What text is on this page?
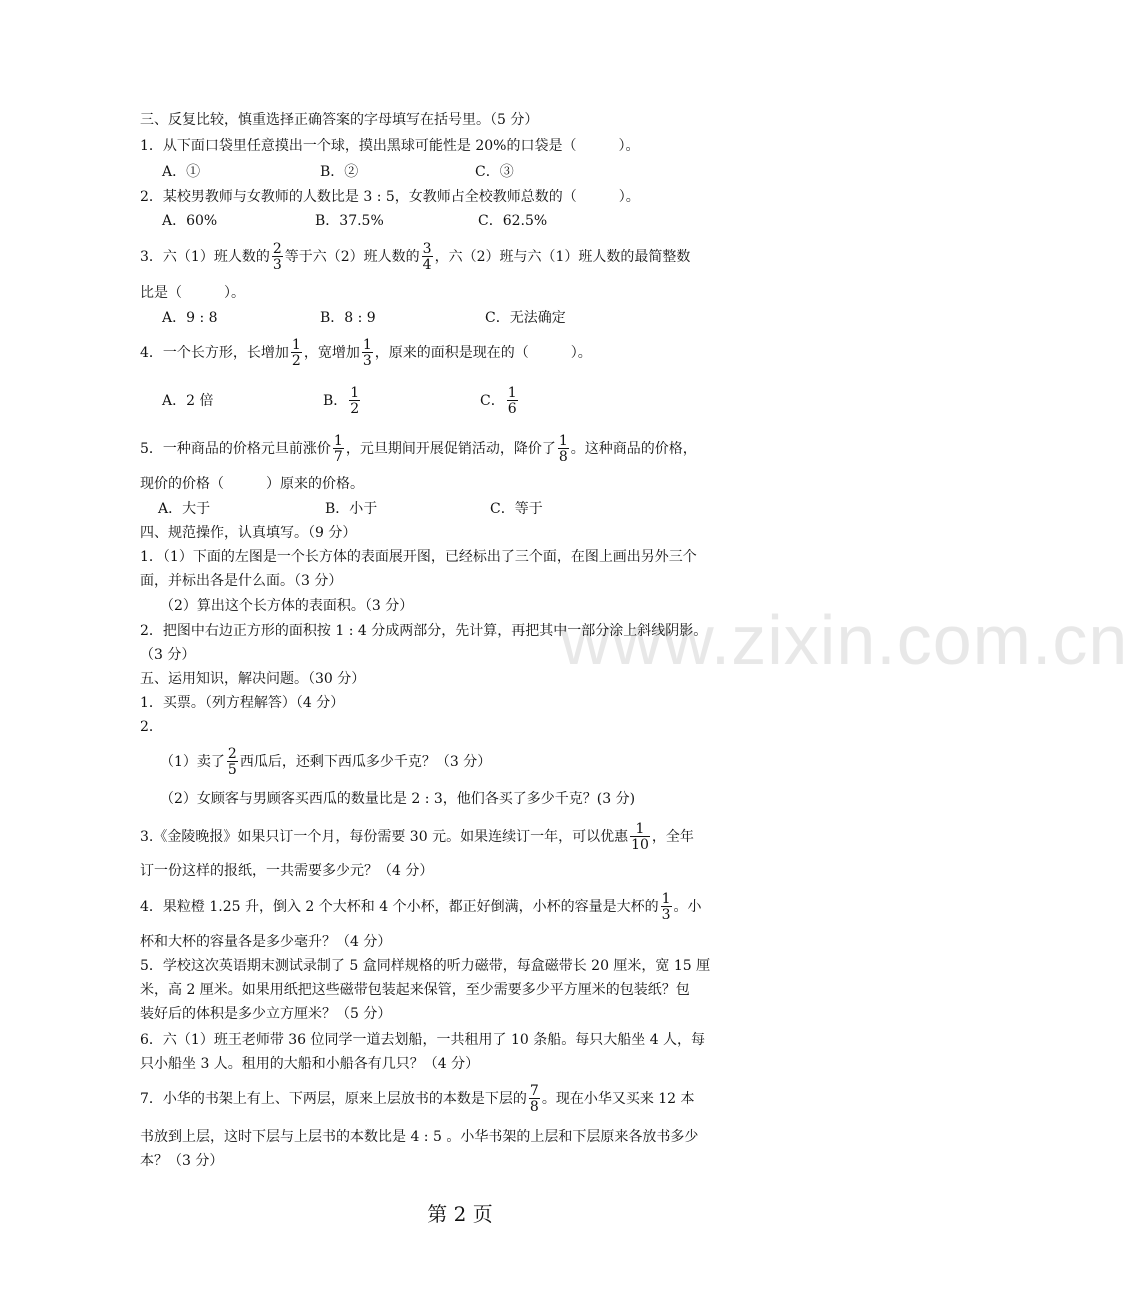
www.zixin.com.cn
三、反复比较，慎重选择正确答案的字母填写在括号里。（5 分）
1．从下面口袋里任意摸出一个球，摸出黑球可能性是 20%的口袋是（　　　）。
A．①	B．②	C．③
2．某校男教师与女教师的人数比是 3 : 5，女教师占全校教师总数的（　　　）。
A．60%	B．37.5%	C．62.5%
3．六（1）班人数的 $\frac{2}{3}$ 等于六（2）班人数的 $\frac{3}{4}$ ，六（2）班与六（1）班人数的最简整数
比是（　　　）。
A．9 : 8	B．8 : 9	C．无法确定
4．一个长方形，长增加 $\frac{1}{2}$ ，宽增加 $\frac{1}{3}$ ，原来的面积是现在的（　　　）。
A．2 倍	B． $\frac{1}{2}$	C． $\frac{1}{6}$
5．一种商品的价格元旦前涨价 $\frac{1}{7}$ ，元旦期间开展促销活动，降价了 $\frac{1}{8}$ 。这种商品的价格，
现价的价格（　　　）原来的价格。
A．大于	B．小于	C．等于
四、规范操作，认真填写。（9 分）
1．（1）下面的左图是一个长方体的表面展开图，已经标出了三个面，在图上画出另外三个
面，并标出各是什么面。（3 分）
（2）算出这个长方体的表面积。（3 分）
2．把图中右边正方形的面积按 1 : 4 分成两部分，先计算，再把其中一部分涂上斜线阴影。
（3 分）
五、运用知识，解决问题。（30 分）
1．买票。（列方程解答）（4 分）
2．
（1）卖了 $\frac{2}{5}$ 西瓜后，还剩下西瓜多少千克？（3 分）
（2）女顾客与男顾客买西瓜的数量比是 2 : 3，他们各买了多少千克？(3 分)
3.《金陵晚报》如果只订一个月，每份需要 30 元。如果连续订一年，可以优惠 $\frac{1}{10}$ ，全年
订一份这样的报纸，一共需要多少元？（4 分）
4．果粒橙 1.25 升，倒入 2 个大杯和 4 个小杯，都正好倒满，小杯的容量是大杯的 $\frac{1}{3}$ 。小
杯和大杯的容量各是多少毫升？（4 分）
5．学校这次英语期末测试录制了 5 盒同样规格的听力磁带，每盒磁带长 20 厘米，宽 15 厘
米，高 2 厘米。如果用纸把这些磁带包装起来保管，至少需要多少平方厘米的包装纸？包
装好后的体积是多少立方厘米？（5 分）
6．六（1）班王老师带 36 位同学一道去划船，一共租用了 10 条船。每只大船坐 4 人，每
只小船坐 3 人。租用的大船和小船各有几只？（4 分）
7．小华的书架上有上、下两层，原来上层放书的本数是下层的 $\frac{7}{8}$ 。现在小华又买来 12 本
书放到上层，这时下层与上层书的本数比是 4 : 5 。小华书架的上层和下层原来各放书多少
本？（3 分）
第 2 页
